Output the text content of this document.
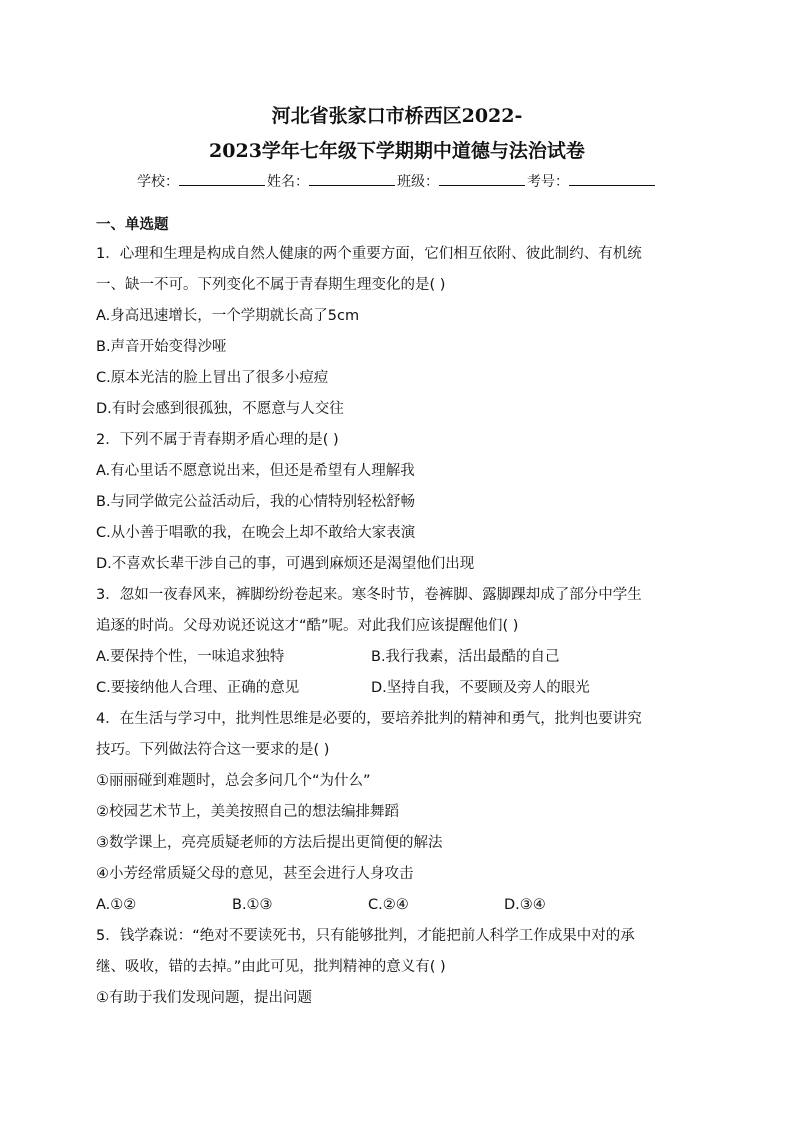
河北省张家口市桥西区2022-
2023学年七年级下学期期中道德与法治试卷
学校：	姓名：	班级：	考号：
一、单选题
1．心理和生理是构成自然人健康的两个重要方面，它们相互依附、彼此制约、有机统
一、缺一不可。下列变化不属于青春期生理变化的是( )
A.身高迅速增长，一个学期就长高了5cm
B.声音开始变得沙哑
C.原本光洁的脸上冒出了很多小痘痘
D.有时会感到很孤独，不愿意与人交往
2．下列不属于青春期矛盾心理的是( )
A.有心里话不愿意说出来，但还是希望有人理解我
B.与同学做完公益活动后，我的心情特别轻松舒畅
C.从小善于唱歌的我，在晚会上却不敢给大家表演
D.不喜欢长辈干涉自己的事，可遇到麻烦还是渴望他们出现
3．忽如一夜春风来，裤脚纷纷卷起来。寒冬时节，卷裤脚、露脚踝却成了部分中学生
追逐的时尚。父母劝说还说这才“酷”呢。对此我们应该提醒他们( )
A.要保持个性，一味追求独特	B.我行我素，活出最酷的自己
C.要接纳他人合理、正确的意见	D.坚持自我，不要顾及旁人的眼光
4．在生活与学习中，批判性思维是必要的，要培养批判的精神和勇气，批判也要讲究
技巧。下列做法符合这一要求的是( )
①丽丽碰到难题时，总会多问几个“为什么”
②校园艺术节上，美美按照自己的想法编排舞蹈
③数学课上，亮亮质疑老师的方法后提出更简便的解法
④小芳经常质疑父母的意见，甚至会进行人身攻击
A.①②	B.①③	C.②④	D.③④
5．钱学森说：“绝对不要读死书，只有能够批判，才能把前人科学工作成果中对的承
继、吸收，错的去掉。”由此可见，批判精神的意义有( )
①有助于我们发现问题，提出问题
